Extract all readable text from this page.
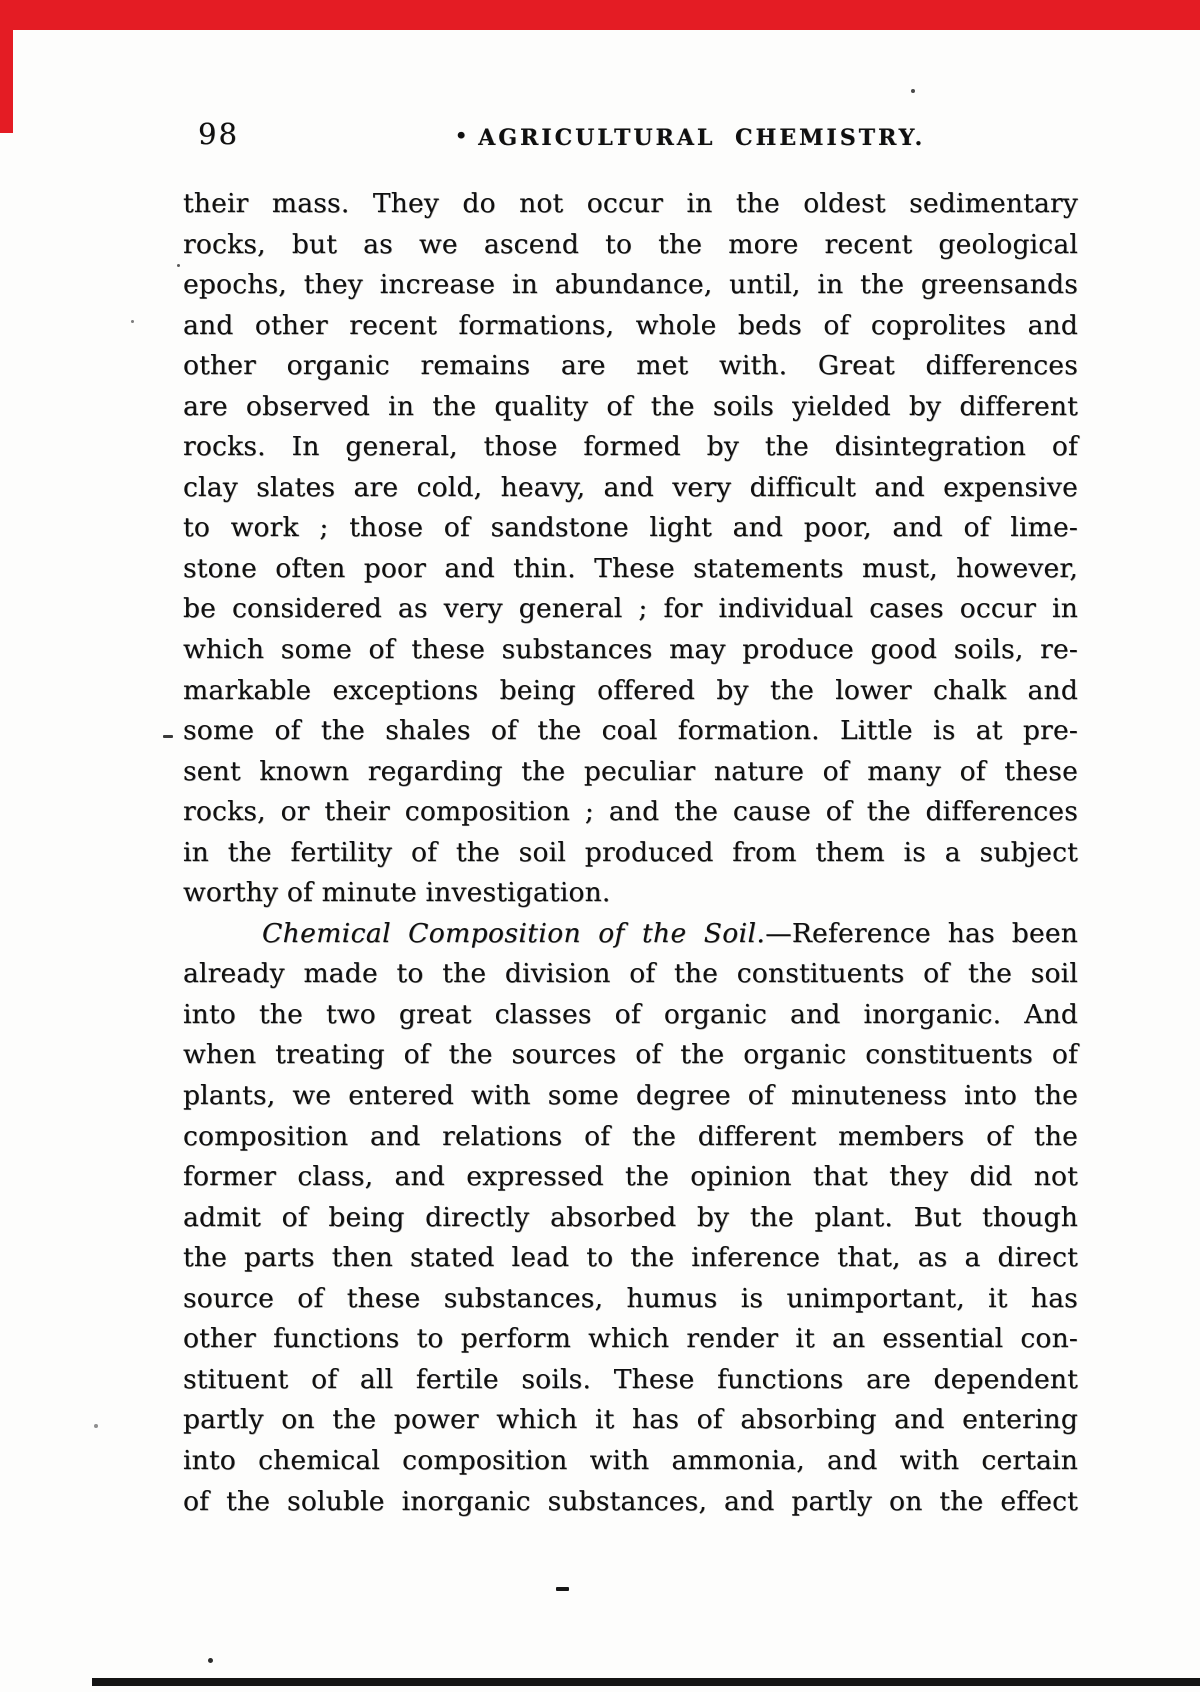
98	• AGRICULTURAL CHEMISTRY.
their mass. They do not occur in the oldest sedimentary
rocks, but as we ascend to the more recent geological
epochs, they increase in abundance, until, in the greensands
and other recent formations, whole beds of coprolites and
other organic remains are met with. Great differences
are observed in the quality of the soils yielded by different
rocks. In general, those formed by the disintegration of
clay slates are cold, heavy, and very difficult and expensive
to work ; those of sandstone light and poor, and of lime-
stone often poor and thin. These statements must, however,
be considered as very general ; for individual cases occur in
which some of these substances may produce good soils, re-
markable exceptions being offered by the lower chalk and
some of the shales of the coal formation. Little is at pre-
sent known regarding the peculiar nature of many of these
rocks, or their composition ; and the cause of the differences
in the fertility of the soil produced from them is a subject
worthy of minute investigation.
Chemical Composition of the Soil.—Reference has been
already made to the division of the constituents of the soil
into the two great classes of organic and inorganic. And
when treating of the sources of the organic constituents of
plants, we entered with some degree of minuteness into the
composition and relations of the different members of the
former class, and expressed the opinion that they did not
admit of being directly absorbed by the plant. But though
the parts then stated lead to the inference that, as a direct
source of these substances, humus is unimportant, it has
other functions to perform which render it an essential con-
stituent of all fertile soils. These functions are dependent
partly on the power which it has of absorbing and entering
into chemical composition with ammonia, and with certain
of the soluble inorganic substances, and partly on the effect
